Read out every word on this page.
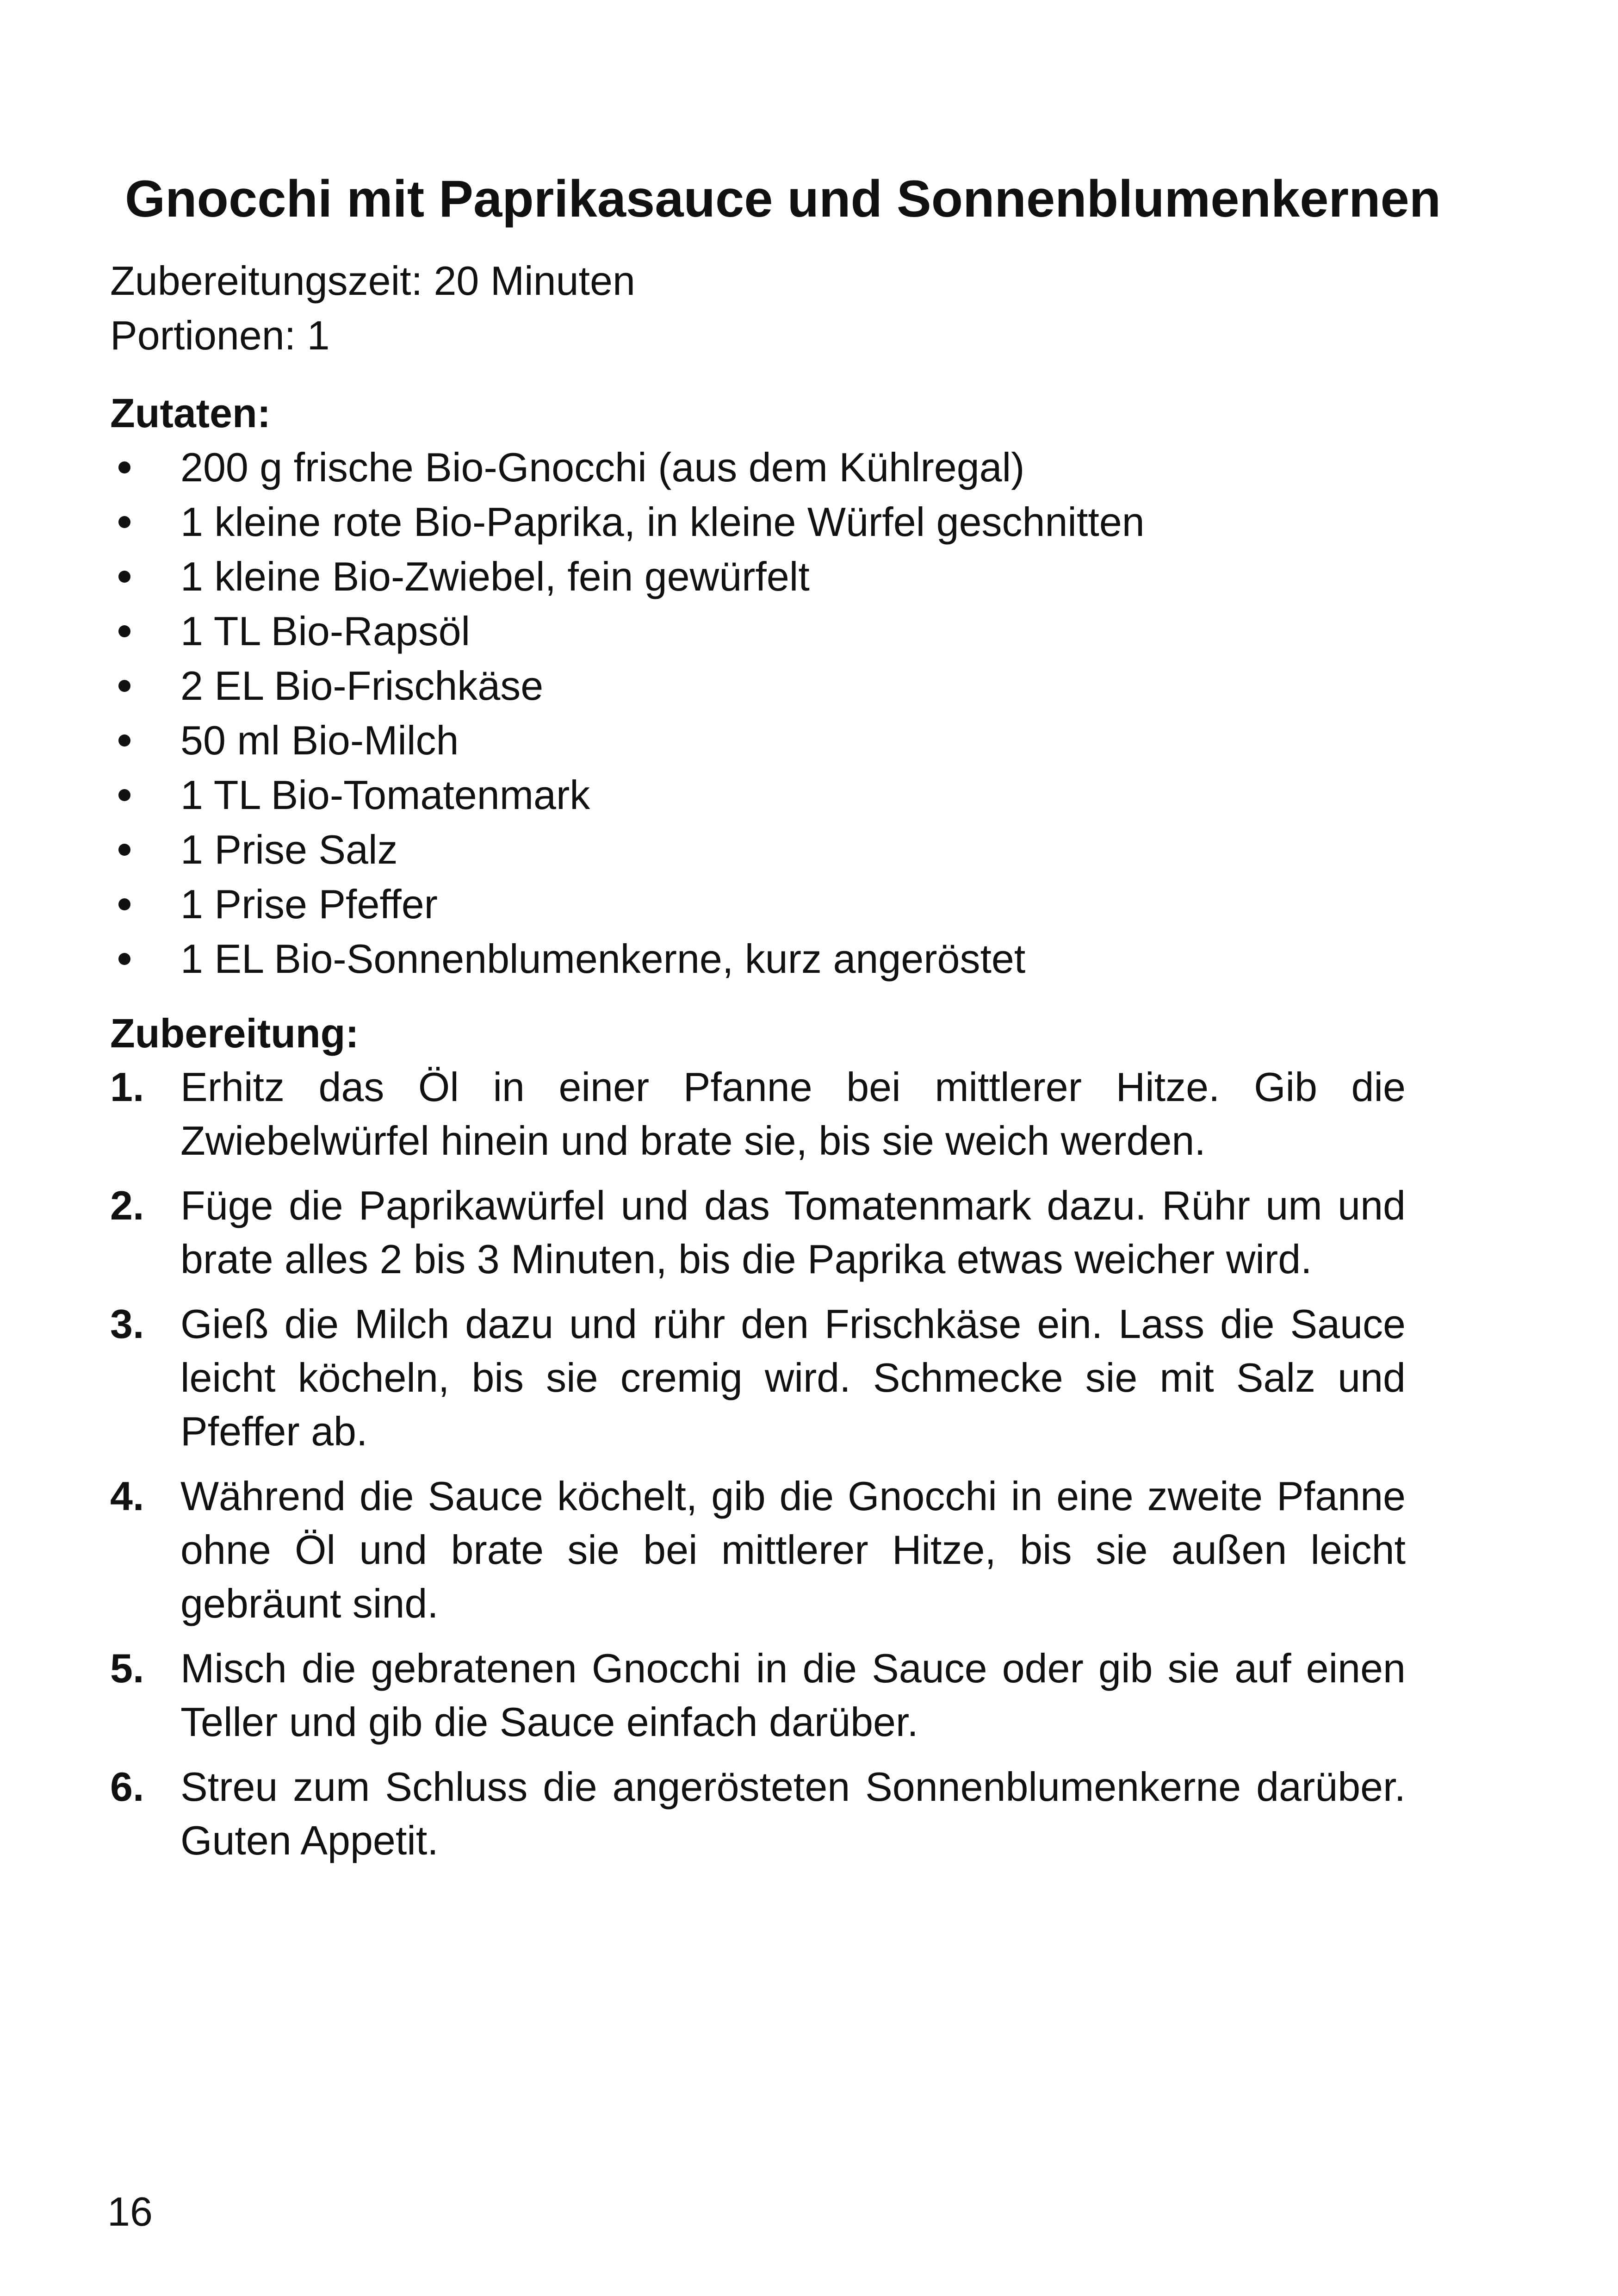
Gnocchi mit Paprikasauce und Sonnenblumenkernen
Zubereitungszeit: 20 Minuten
Portionen: 1
Zutaten:
200 g frische Bio-Gnocchi (aus dem Kühlregal)
1 kleine rote Bio-Paprika, in kleine Würfel geschnitten
1 kleine Bio-Zwiebel, fein gewürfelt
1 TL Bio-Rapsöl
2 EL Bio-Frischkäse
50 ml Bio-Milch
1 TL Bio-Tomatenmark
1 Prise Salz
1 Prise Pfeffer
1 EL Bio-Sonnenblumenkerne, kurz angeröstet
Zubereitung:
1. Erhitz das Öl in einer Pfanne bei mittlerer Hitze. Gib die Zwiebelwürfel hinein und brate sie, bis sie weich werden.
2. Füge die Paprikawürfel und das Tomatenmark dazu. Rühr um und brate alles 2 bis 3 Minuten, bis die Paprika etwas weicher wird.
3. Gieß die Milch dazu und rühr den Frischkäse ein. Lass die Sauce leicht köcheln, bis sie cremig wird. Schmecke sie mit Salz und Pfeffer ab.
4. Während die Sauce köchelt, gib die Gnocchi in eine zweite Pfanne ohne Öl und brate sie bei mittlerer Hitze, bis sie außen leicht gebräunt sind.
5. Misch die gebratenen Gnocchi in die Sauce oder gib sie auf einen Teller und gib die Sauce einfach darüber.
6. Streu zum Schluss die angerösteten Sonnenblumenkerne darüber. Guten Appetit.
16
